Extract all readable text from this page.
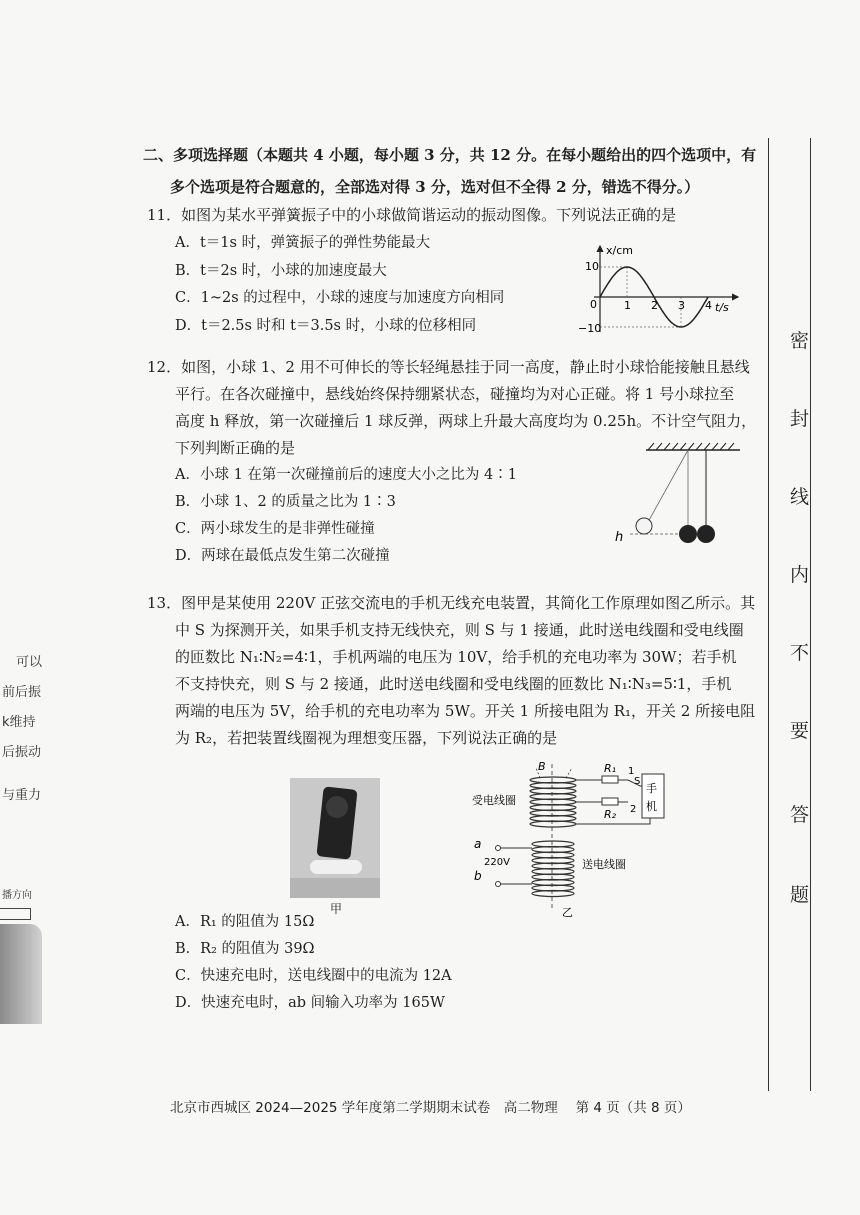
二、多项选择题（本题共 4 小题，每小题 3 分，共 12 分。在每小题给出的四个选项中，有
多个选项是符合题意的，全部选对得 3 分，选对但不全得 2 分，错选不得分。）
11．如图为某水平弹簧振子中的小球做简谐运动的振动图像。下列说法正确的是
A．t＝1s 时，弹簧振子的弹性势能最大
B．t＝2s 时，小球的加速度最大
C．1~2s 的过程中，小球的速度与加速度方向相同
D．t＝2.5s 时和 t＝3.5s 时，小球的位移相同
x/cm
t/s
10
−10
0 1 2 3 4
12．如图，小球 1、2 用不可伸长的等长轻绳悬挂于同一高度，静止时小球恰能接触且悬线
平行。在各次碰撞中，悬线始终保持绷紧状态，碰撞均为对心正碰。将 1 号小球拉至
高度 h 释放，第一次碰撞后 1 球反弹，两球上升最大高度均为 0.25h。不计空气阻力，
下列判断正确的是
A．小球 1 在第一次碰撞前后的速度大小之比为 4∶1
B．小球 1、2 的质量之比为 1∶3
C．两小球发生的是非弹性碰撞
D．两球在最低点发生第二次碰撞
h
13．图甲是某使用 220V 正弦交流电的手机无线充电装置，其简化工作原理如图乙所示。其
中 S 为探测开关，如果手机支持无线快充，则 S 与 1 接通，此时送电线圈和受电线圈
的匝数比 N₁∶N₂=4∶1，手机两端的电压为 10V，给手机的充电功率为 30W；若手机
不支持快充，则 S 与 2 接通，此时送电线圈和受电线圈的匝数比 N₁∶N₃=5∶1，手机
两端的电压为 5V，给手机的充电功率为 5W。开关 1 所接电阻为 R₁，开关 2 所接电阻
为 R₂，若把装置线圈视为理想变压器，下列说法正确的是
甲
B
手
机
R₁
R₂
1
2
S
受电线圈
a
b
220V	送电线圈
乙
A．R₁ 的阻值为 15Ω
B．R₂ 的阻值为 39Ω
C．快速充电时，送电线圈中的电流为 12A
D．快速充电时，ab 间输入功率为 165W
密
封
线
内
不
要
答
题
可以
前后振
k维持
后振动
与重力
播方向
北京市西城区 2024—2025 学年度第二学期期末试卷　高二物理　 第 4 页（共 8 页）
